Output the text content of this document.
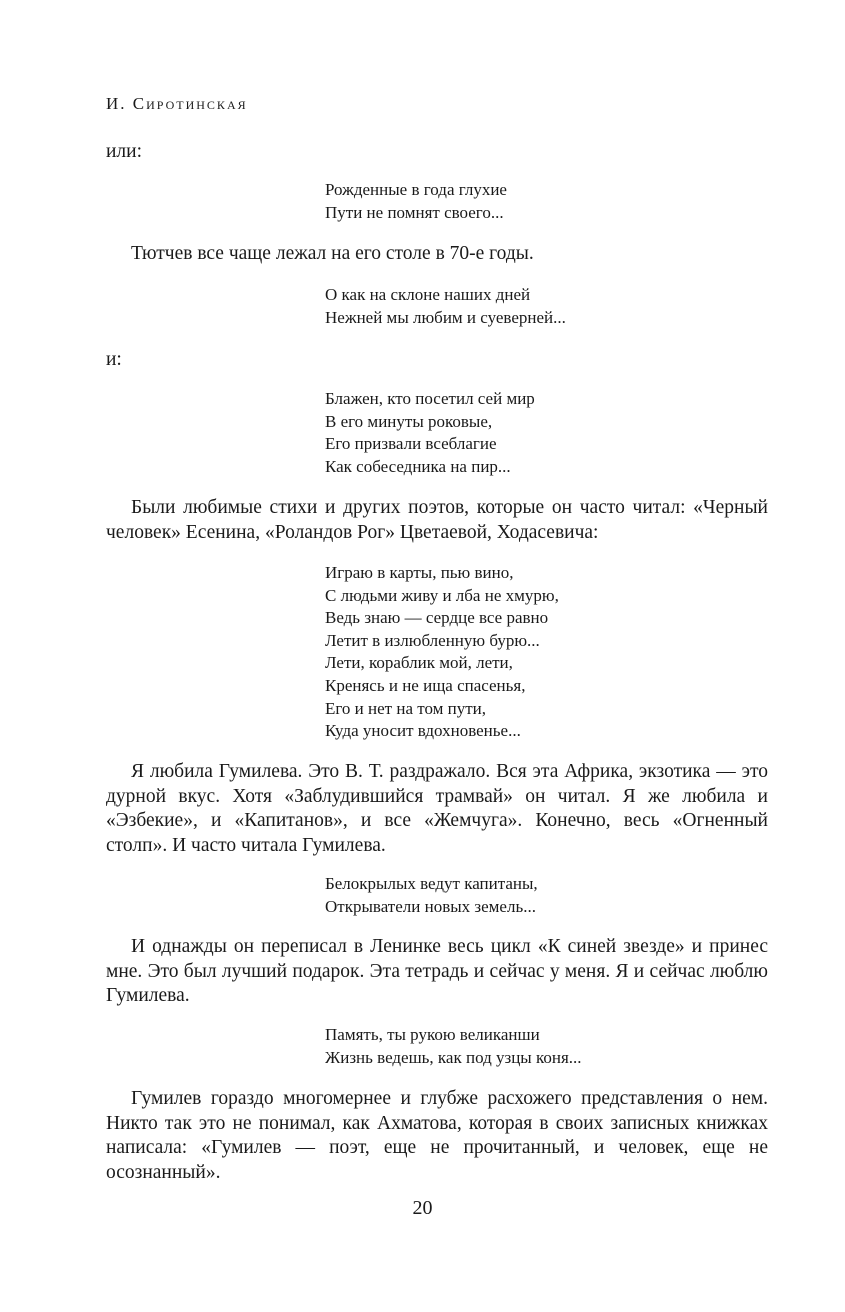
И. Сиротинская

или:

Рожденные в года глухие
Пути не помнят своего...

Тютчев все чаще лежал на его столе в 70-е годы.

О как на склоне наших дней
Нежней мы любим и суеверней...

и:

Блажен, кто посетил сей мир
В его минуты роковые,
Его призвали всеблагие
Как собеседника на пир...

Были любимые стихи и других поэтов, которые он часто читал: «Черный человек» Есенина, «Роландов Рог» Цветаевой, Ходасевича:

Играю в карты, пью вино,
С людьми живу и лба не хмурю,
Ведь знаю — сердце все равно
Летит в излюбленную бурю...
Лети, кораблик мой, лети,
Кренясь и не ища спасенья,
Его и нет на том пути,
Куда уносит вдохновенье...

Я любила Гумилева. Это В. Т. раздражало. Вся эта Африка, экзотика — это дурной вкус. Хотя «Заблудившийся трамвай» он читал. Я же любила и «Эзбекие», и «Капитанов», и все «Жемчуга». Конечно, весь «Огненный столп». И часто читала Гумилева.

Белокрылых ведут капитаны,
Открыватели новых земель...

И однажды он переписал в Ленинке весь цикл «К синей звезде» и принес мне. Это был лучший подарок. Эта тетрадь и сейчас у меня. Я и сейчас люблю Гумилева.

Память, ты рукою великанши
Жизнь ведешь, как под узцы коня...

Гумилев гораздо многомернее и глубже расхожего представления о нем. Никто так это не понимал, как Ахматова, которая в своих записных книжках написала: «Гумилев — поэт, еще не прочитанный, и человек, еще не осознанный».

20
